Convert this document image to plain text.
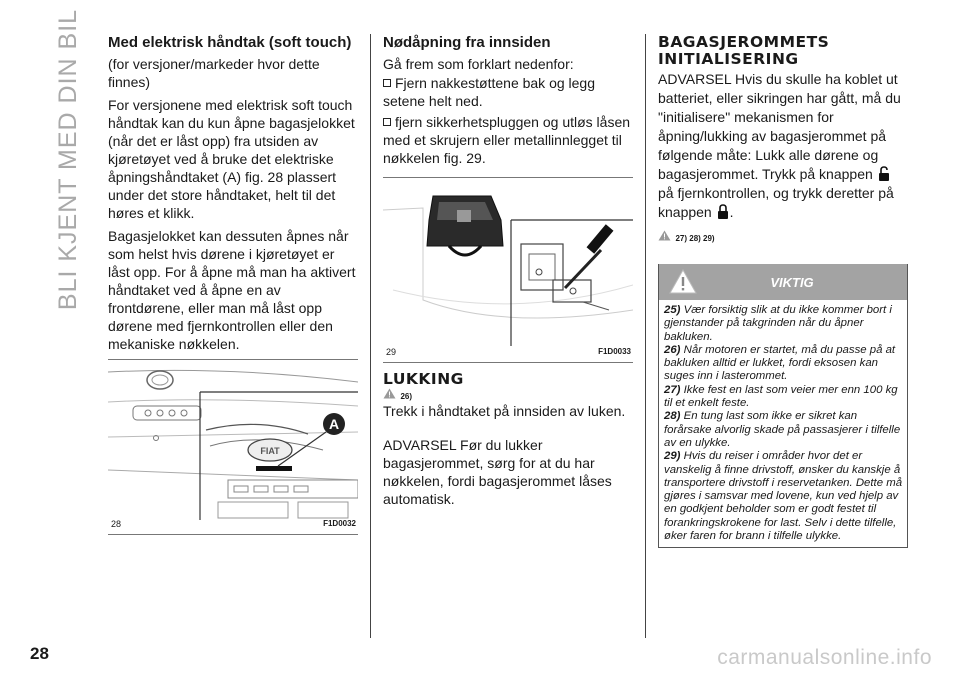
BLI KJENT MED DIN BIL Med elektrisk håndtak (soft touch)

(for versjoner/markeder hvor dette finnes)

For versjonene med elektrisk soft touch håndtak kan du kun åpne bagasjelokket (når det er låst opp) fra utsiden av kjøretøyet ved å bruke det elektriske åpningshåndtaket (A) fig. 28 plassert under det store håndtaket, helt til det høres et klikk.

Bagasjelokket kan dessuten åpnes når som helst hvis dørene i kjøretøyet er låst opp. For å åpne må man ha aktivert håndtaket ved å åpne en av frontdørene, eller man må låst opp dørene med fjernkontrollen eller den mekaniske nøkkelen.

FIAT
A
28	F1D0032
Nødåpning fra innsiden

Gå frem som forklart nedenfor:

Fjern nakkestøttene bak og legg setene helt ned.

fjern sikkerhetspluggen og utløs låsen med et skrujern eller metallinnlegget til nøkkelen fig. 29.

29	F1D0033
LUKKING
26)

Trekk i håndtaket på innsiden av luken.

ADVARSEL Før du lukker bagasjerommet, sørg for at du har nøkkelen, fordi bagasjerommet låses automatisk.

BAGASJEROMMETS
INITIALISERING

ADVARSEL Hvis du skulle ha koblet ut batteriet, eller sikringen har gått, må du "initialisere" mekanismen for åpning/lukking av bagasjerommet på følgende måte: Lukk alle dørene og bagasjerommet. Trykk på knappen  på fjernkontrollen, og trykk deretter på knappen .

27) 28) 29)
VIKTIG

25) Vær forsiktig slik at du ikke kommer bort i gjenstander på takgrinden når du åpner bakluken.

26) Når motoren er startet, må du passe på at bakluken alltid er lukket, fordi eksosen kan suges inn i lasterommet.

27) Ikke fest en last som veier mer enn 100 kg til et enkelt feste.

28) En tung last som ikke er sikret kan forårsake alvorlig skade på passasjerer i tilfelle av en ulykke.

29) Hvis du reiser i områder hvor det er vanskelig å finne drivstoff, ønsker du kanskje å transportere drivstoff i reservetanken. Dette må gjøres i samsvar med lovene, kun ved hjelp av en godkjent beholder som er godt festet til forankringskrokene for last. Selv i dette tilfelle, øker faren for brann i tilfelle ulykke.

28	carmanualsonline.info
